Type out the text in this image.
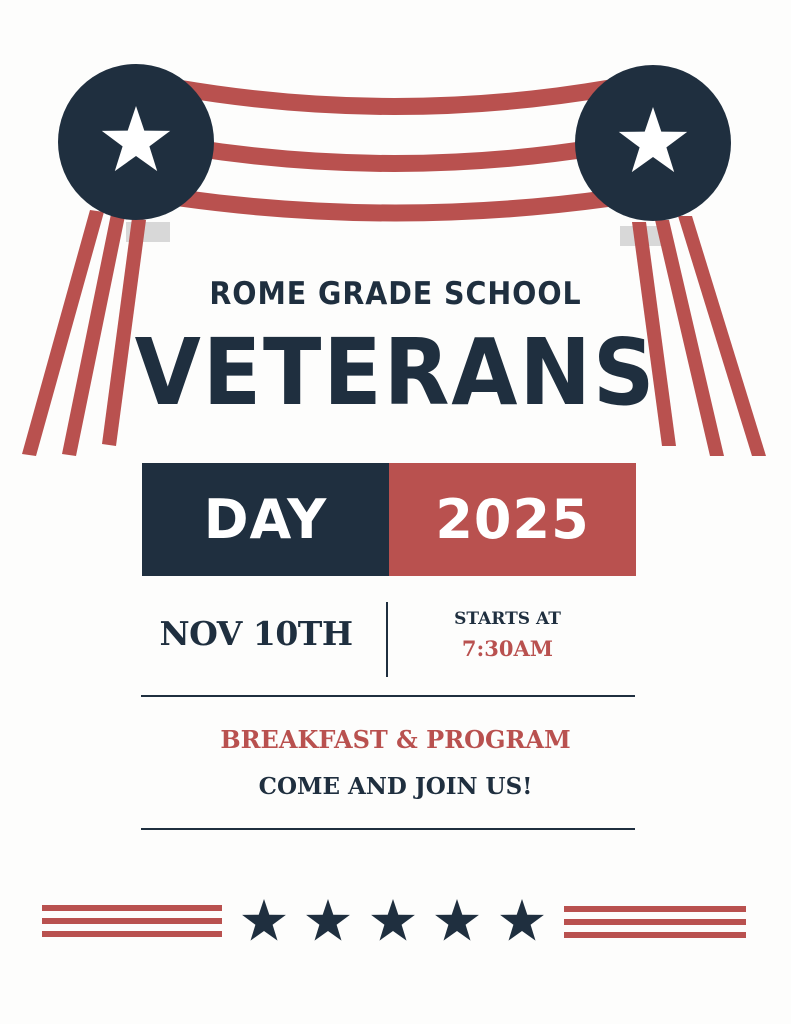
ROME GRADE SCHOOL
VETERANS
DAY 2025
NOV 10TH	STARTS AT
7:30AM
BREAKFAST & PROGRAM
COME AND JOIN US!
